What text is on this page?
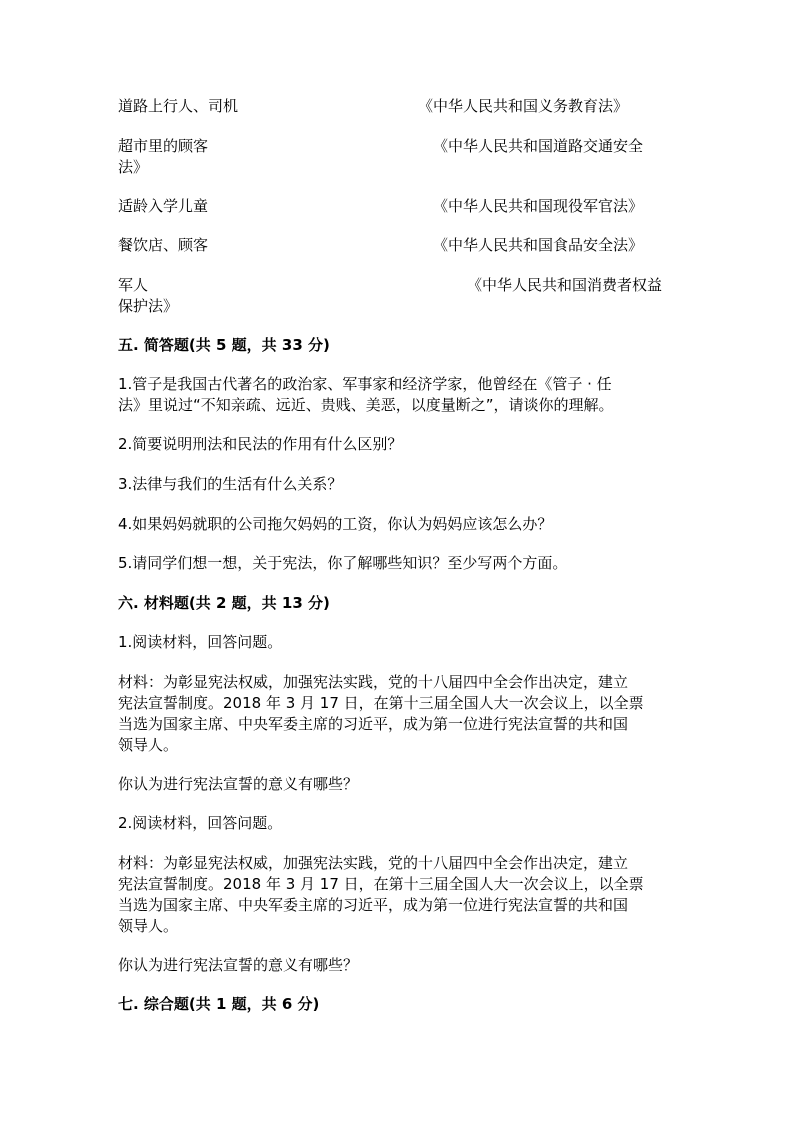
道路上行人、司机	《中华人民共和国义务教育法》
超市里的顾客	《中华人民共和国道路交通安全
法》
适龄入学儿童	《中华人民共和国现役军官法》
餐饮店、顾客	《中华人民共和国食品安全法》
军人	《中华人民共和国消费者权益
保护法》
五. 简答题(共 5 题，共 33 分)
1.管子是我国古代著名的政治家、军事家和经济学家，他曾经在《管子 · 任
法》里说过“不知亲疏、远近、贵贱、美恶，以度量断之”，请谈你的理解。
2.简要说明刑法和民法的作用有什么区别？
3.法律与我们的生活有什么关系？
4.如果妈妈就职的公司拖欠妈妈的工资，你认为妈妈应该怎么办？
5.请同学们想一想，关于宪法，你了解哪些知识？至少写两个方面。
六. 材料题(共 2 题，共 13 分)
1.阅读材料，回答问题。
材料：为彰显宪法权威，加强宪法实践，党的十八届四中全会作出决定，建立
宪法宣誓制度。2018 年 3 月 17 日，在第十三届全国人大一次会议上，以全票
当选为国家主席、中央军委主席的习近平，成为第一位进行宪法宣誓的共和国
领导人。
你认为进行宪法宣誓的意义有哪些？
2.阅读材料，回答问题。
材料：为彰显宪法权威，加强宪法实践，党的十八届四中全会作出决定，建立
宪法宣誓制度。2018 年 3 月 17 日，在第十三届全国人大一次会议上，以全票
当选为国家主席、中央军委主席的习近平，成为第一位进行宪法宣誓的共和国
领导人。
你认为进行宪法宣誓的意义有哪些？
七. 综合题(共 1 题，共 6 分)
